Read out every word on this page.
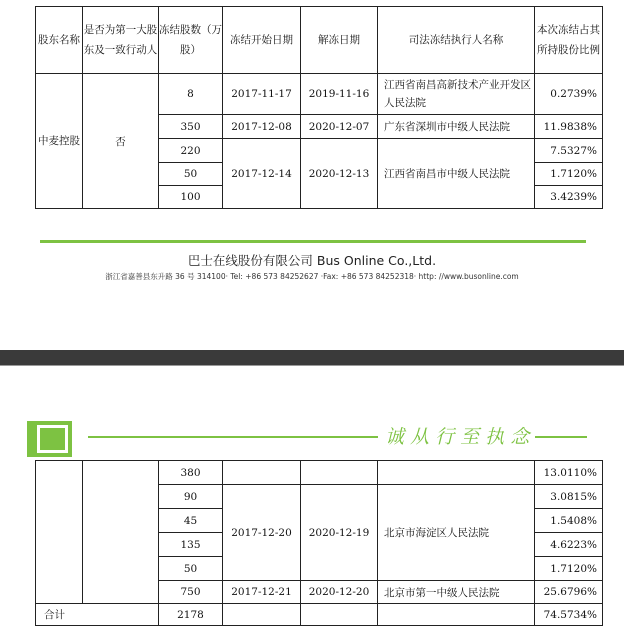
股东名称	是否为第一大股东及一致行动人	冻结股数（万股）	冻结开始日期	解冻日期	司法冻结执行人名称	本次冻结占其所持股份比例
中麦控股	否	8	2017-11-17	2019-11-16	江西省南昌高新技术产业开发区人民法院	0.2739%
		350	2017-12-08	2020-12-07	广东省深圳市中级人民法院	11.9838%
		220	2017-12-14	2020-12-13	江西省南昌市中级人民法院	7.5327%
		50				1.7120%
		100				3.4239%
巴士在线股份有限公司 Bus Online Co.,Ltd.
浙江省嘉善县东升路 36 号 314100· Tel: +86 573 84252627 ·Fax: +86 573 84252318· http: //www.busonline.com
诚 从 行 至 执 念
		380				13.0110%
		90	2017-12-20	2020-12-19	北京市海淀区人民法院	3.0815%
		45				1.5408%
		135				4.6223%
		50				1.7120%
		750	2017-12-21	2020-12-20	北京市第一中级人民法院	25.6796%
合计		2178				74.5734%
